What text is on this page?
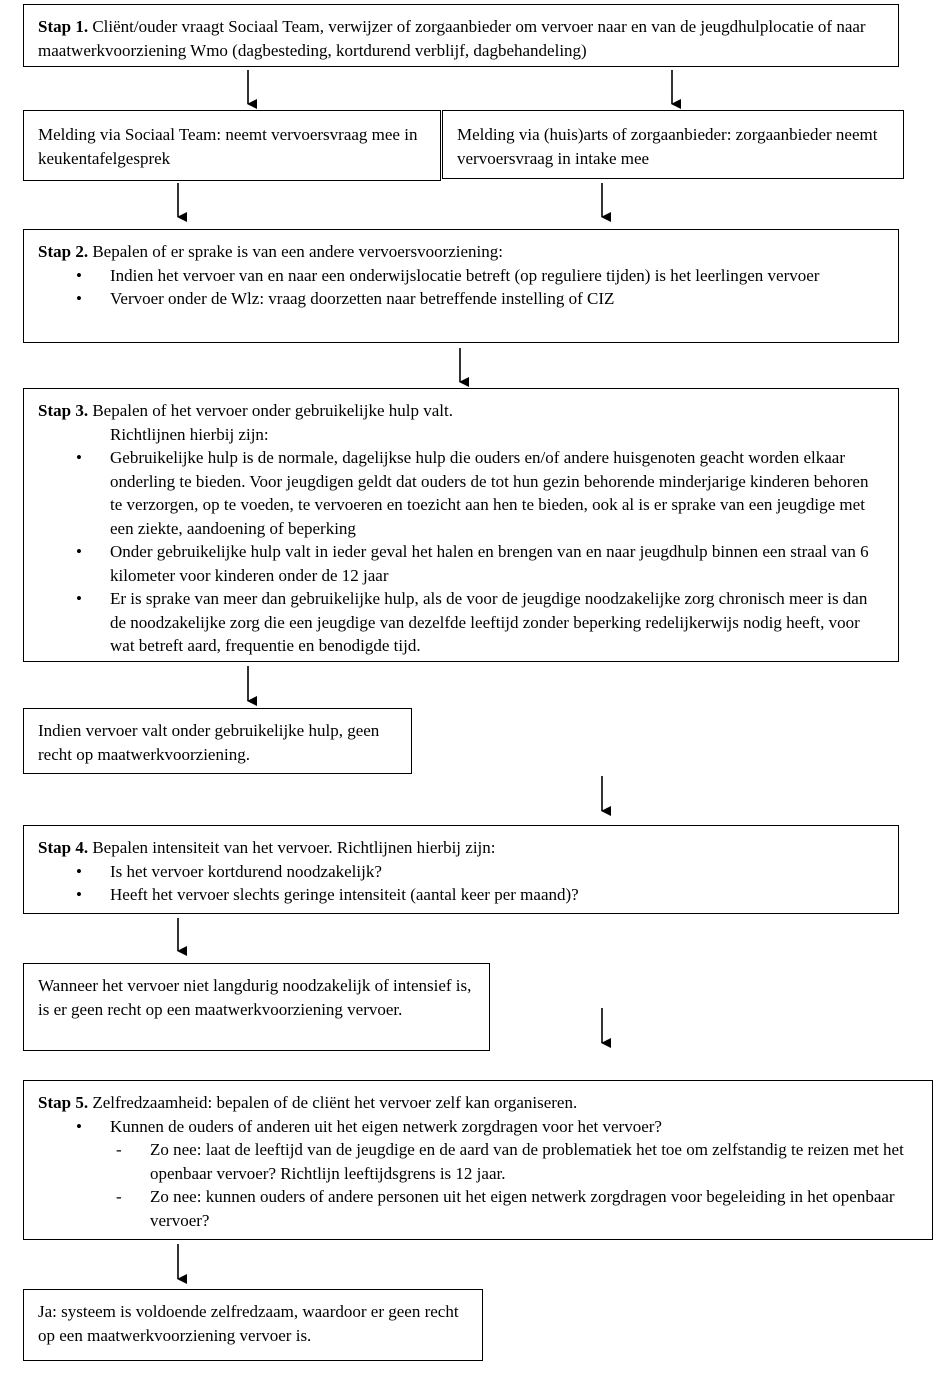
Stap 1. Cliënt/ouder vraagt Sociaal Team, verwijzer of zorgaanbieder om vervoer naar en van de jeugdhulplocatie of naar maatwerkvoorziening Wmo (dagbesteding, kortdurend verblijf, dagbehandeling)
Melding via Sociaal Team: neemt vervoersvraag mee in keukentafelgesprek
Melding via (huis)arts of zorgaanbieder: zorgaanbieder neemt vervoersvraag in intake mee
Stap 2. Bepalen of er sprake is van een andere vervoersvoorziening:
• Indien het vervoer van en naar een onderwijslocatie betreft (op reguliere tijden) is het leerlingen vervoer
• Vervoer onder de Wlz: vraag doorzetten naar betreffende instelling of CIZ
Stap 3. Bepalen of het vervoer onder gebruikelijke hulp valt.
Richtlijnen hierbij zijn:
• Gebruikelijke hulp is de normale, dagelijkse hulp die ouders en/of andere huisgenoten geacht worden elkaar onderling te bieden. Voor jeugdigen geldt dat ouders de tot hun gezin behorende minderjarige kinderen behoren te verzorgen, op te voeden, te vervoeren en toezicht aan hen te bieden, ook al is er sprake van een jeugdige met een ziekte, aandoening of beperking
• Onder gebruikelijke hulp valt in ieder geval het halen en brengen van en naar jeugdhulp binnen een straal van 6 kilometer voor kinderen onder de 12 jaar
• Er is sprake van meer dan gebruikelijke hulp, als de voor de jeugdige noodzakelijke zorg chronisch meer is dan de noodzakelijke zorg die een jeugdige van dezelfde leeftijd zonder beperking redelijkerwijs nodig heeft, voor wat betreft aard, frequentie en benodigde tijd.
Indien vervoer valt onder gebruikelijke hulp, geen recht op maatwerkvoorziening.
Stap 4. Bepalen intensiteit van het vervoer. Richtlijnen hierbij zijn:
• Is het vervoer kortdurend noodzakelijk?
• Heeft het vervoer slechts geringe intensiteit (aantal keer per maand)?
Wanneer het vervoer niet langdurig noodzakelijk of intensief is, is er geen recht op een maatwerkvoorziening vervoer.
Stap 5. Zelfredzaamheid: bepalen of de cliënt het vervoer zelf kan organiseren.
• Kunnen de ouders of anderen uit het eigen netwerk zorgdragen voor het vervoer?
- Zo nee: laat de leeftijd van de jeugdige en de aard van de problematiek het toe om zelfstandig te reizen met het openbaar vervoer? Richtlijn leeftijdsgrens is 12 jaar.
- Zo nee: kunnen ouders of andere personen uit het eigen netwerk zorgdragen voor begeleiding in het openbaar vervoer?
Ja: systeem is voldoende zelfredzaam, waardoor er geen recht op een maatwerkvoorziening vervoer is.
